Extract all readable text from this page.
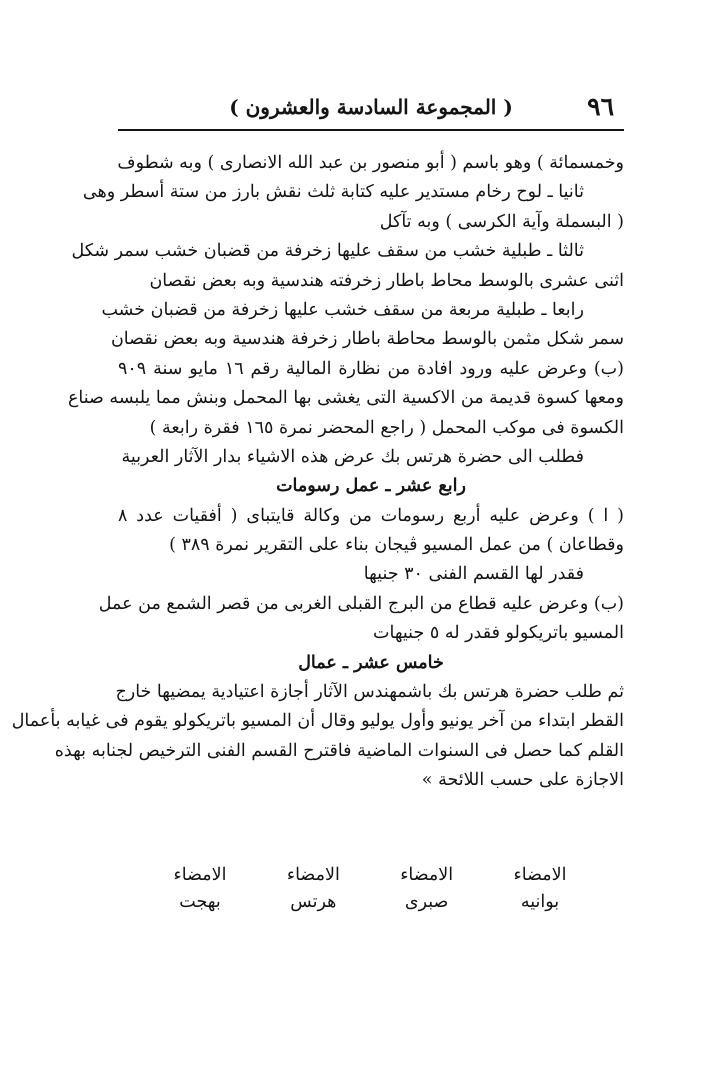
٩٦
( المجموعة السادسة والعشرون )
وخمسمائة ) وهو باسم ( أبو منصور بن عبد الله الانصارى ) وبه شطوف
ثانيا ـ لوح رخام مستدير عليه كتابة ثلث نقش بارز من ستة أسطر وهى
( البسملة وآية الكرسى ) وبه تآكل
ثالثا ـ طبلية خشب من سقف عليها زخرفة من قضبان خشب سمر شكل
اثنى عشرى بالوسط محاط باطار زخرفته هندسية وبه بعض نقصان
رابعا ـ طبلية مربعة من سقف خشب عليها زخرفة من قضبان خشب
سمر شكل مثمن بالوسط محاطة باطار زخرفة هندسية وبه بعض نقصان
(ب) وعرض عليه ورود افادة من نظارة المالية رقم ١٦ مايو سنة ٩٠٩
ومعها كسوة قديمة من الاكسية التى يغشى بها المحمل وبنش مما يلبسه صناع
الكسوة فى موكب المحمل ( راجع المحضر نمرة ١٦٥ فقرة رابعة )
فطلب الى حضرة هرتس بك عرض هذه الاشياء بدار الآثار العربية
رابع عشر ـ عمل رسومات
( ا ) وعرض عليه أربع رسومات من وكالة قايتباى ( أفقيات عدد ٨
وقطاعان ) من عمل المسيو ڤيجان بناء على التقرير نمرة ٣٨٩ )
فقدر لها القسم الفنى ٣٠ جنيها
(ب) وعرض عليه قطاع من البرج القبلى الغربى من قصر الشمع من عمل
المسيو باتريكولو فقدر له ٥ جنيهات
خامس عشر ـ عمال
ثم طلب حضرة هرتس بك باشمهندس الآثار أجازة اعتيادية يمضيها خارج
القطر ابتداء من آخر يونيو وأول يوليو وقال أن المسيو باتريكولو يقوم فى غيابه بأعمال
القلم كما حصل فى السنوات الماضية فاقترح القسم الفنى الترخيص لجنابه بهذه
الاجازة على حسب اللائحة »
الامضاء
بوانيه
الامضاء
صبرى
الامضاء
هرتس
الامضاء
بهجت
